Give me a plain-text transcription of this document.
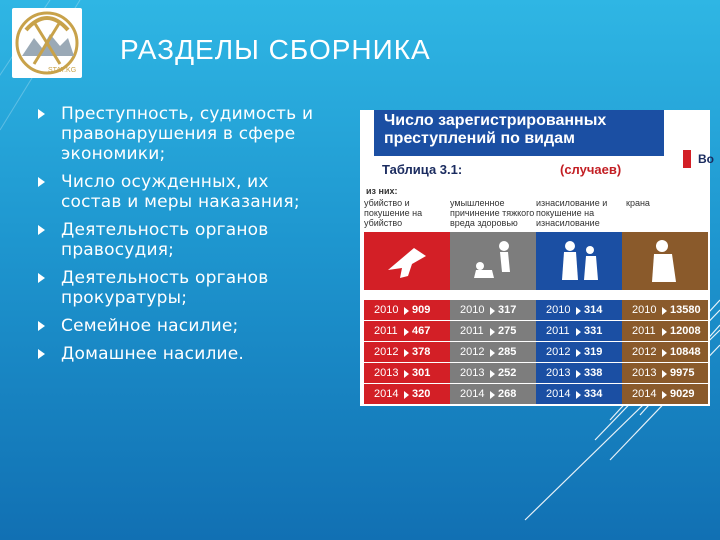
STAT.KG
РАЗДЕЛЫ СБОРНИКА
Преступность, судимость и правонарушения в сфере экономики;
Число осужденных, их состав и меры наказания;
Деятельность органов правосудия;
Деятельность органов прокуратуры;
Семейное насилие;
Домашнее насилие.
Число зарегистрированных преступлений по видам
Таблица 3.1:	(случаев)
Во
из них:
убийство и покушение на убийство
умышленное причинение тяжкого вреда здоровью
изнасилование и покушение на изнасилование
крана
2010 909
2011 467
2012 378
2013 301
2014 320
2010 317
2011 275
2012 285
2013 252
2014 268
2010 314
2011 331
2012 319
2013 338
2014 334
2010 13580
2011 12008
2012 10848
2013 9975
2014 9029
